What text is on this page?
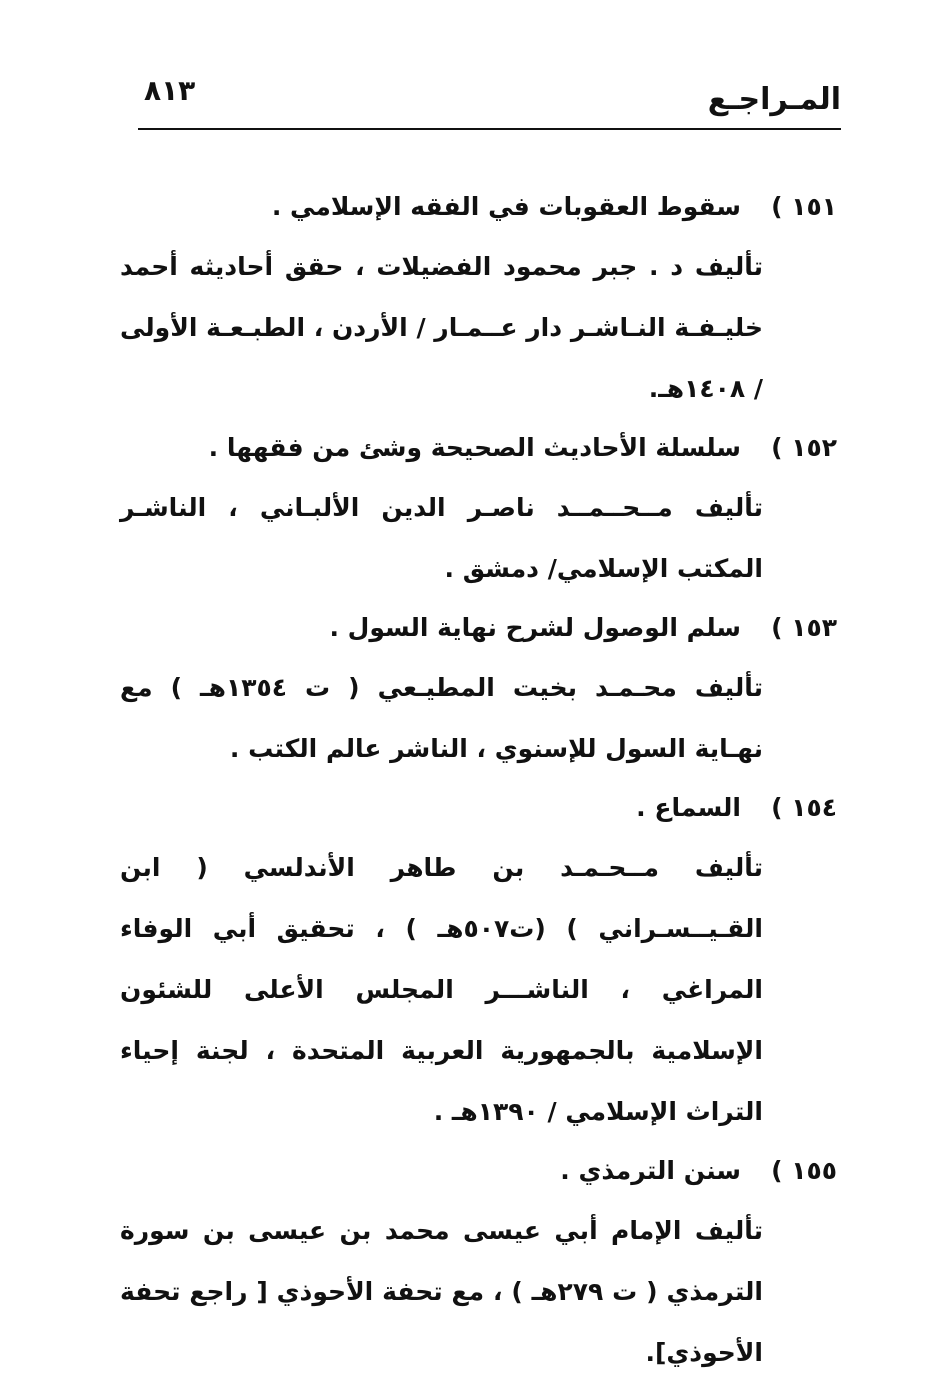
المـراجـع
٨١٣
١٥١ )سقوط العقوبات في الفقه الإسلامي .
تأليف د . جبر محمود الفضيلات ، حقق أحاديثه أحمد خليـفـة النـاشـر دار عــمـار / الأردن ، الطبـعـة الأولى / ١٤٠٨هـ.
١٥٢ )سلسلة الأحاديث الصحيحة وشئ من فقهها .
تأليف مــحــمــد ناصـر الدين الألبـاني ، الناشـر المكتب الإسلامي/ دمشق .
١٥٣ )سلم الوصول لشرح نهاية السول .
تأليف محـمـد بخيت المطيـعي ( ت ١٣٥٤هـ ) مع نهـاية السول للإسنوي ، الناشر عالم الكتب .
١٥٤ )السماع .
تأليف مــحـمـد بن طاهر الأندلسي ( ابن القـيــسـراني ) (ت٥٠٧هـ ) ، تحقيق أبي الوفاء المراغي ، الناشـــر المجلس الأعلى للشئون الإسلامية بالجمهورية العربية المتحدة ، لجنة إحياء التراث الإسلامي / ١٣٩٠هـ .
١٥٥ )سنن الترمذي .
تأليف الإمام أبي عيسى محمد بن عيسى بن سورة الترمذي ( ت ٢٧٩هـ ) ، مع تحفة الأحوذي [ راجع تحفة الأحوذي].
